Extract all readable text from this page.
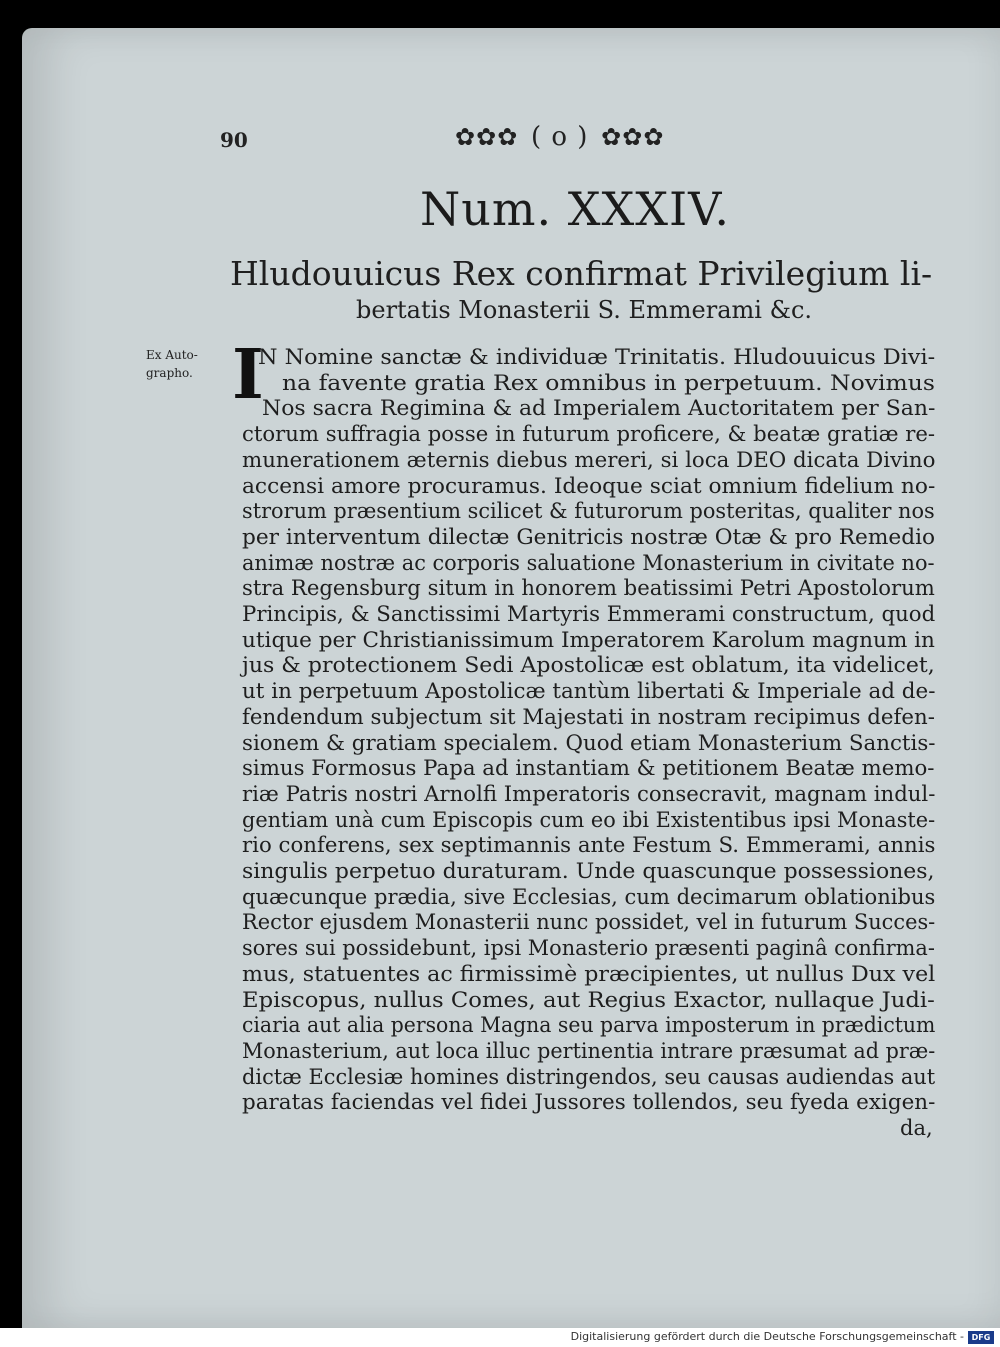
90	✿✿✿ ( o ) ✿✿✿
Num. XXXIV.
Hludouuicus Rex confirmat Privilegium li-
bertatis Monasterii S. Emmerami &c.
Ex Auto-
grapho. I
N Nomine sanctæ & individuæ Trinitatis. Hludouuicus Divi-
na favente gratia Rex omnibus in perpetuum. Novimus
Nos sacra Regimina & ad Imperialem Auctoritatem per San-
ctorum suffragia posse in futurum proficere, & beatæ gratiæ re-
munerationem æternis diebus mereri, si loca DEO dicata Divino
accensi amore procuramus. Ideoque sciat omnium fidelium no-
strorum præsentium scilicet & futurorum posteritas, qualiter nos
per interventum dilectæ Genitricis nostræ Otæ & pro Remedio
animæ nostræ ac corporis saluatione Monasterium in civitate no-
stra Regensburg situm in honorem beatissimi Petri Apostolorum
Principis, & Sanctissimi Martyris Emmerami constructum, quod
utique per Christianissimum Imperatorem Karolum magnum in
jus & protectionem Sedi Apostolicæ est oblatum, ita videlicet,
ut in perpetuum Apostolicæ tantùm libertati & Imperiale ad de-
fendendum subjectum sit Majestati in nostram recipimus defen-
sionem & gratiam specialem. Quod etiam Monasterium Sanctis-
simus Formosus Papa ad instantiam & petitionem Beatæ memo-
riæ Patris nostri Arnolfi Imperatoris consecravit, magnam indul-
gentiam unà cum Episcopis cum eo ibi Existentibus ipsi Monaste-
rio conferens, sex septimannis ante Festum S. Emmerami, annis
singulis perpetuo duraturam. Unde quascunque possessiones,
quæcunque prædia, sive Ecclesias, cum decimarum oblationibus
Rector ejusdem Monasterii nunc possidet, vel in futurum Succes-
sores sui possidebunt, ipsi Monasterio præsenti paginâ confirma-
mus, statuentes ac firmissimè præcipientes, ut nullus Dux vel
Episcopus, nullus Comes, aut Regius Exactor, nullaque Judi-
ciaria aut alia persona Magna seu parva imposterum in prædictum
Monasterium, aut loca illuc pertinentia intrare præsumat ad præ-
dictæ Ecclesiæ homines distringendos, seu causas audiendas aut
paratas faciendas vel fidei Jussores tollendos, seu fyeda exigen-
da,
Digitalisierung gefördert durch die Deutsche Forschungsgemeinschaft - DFG
